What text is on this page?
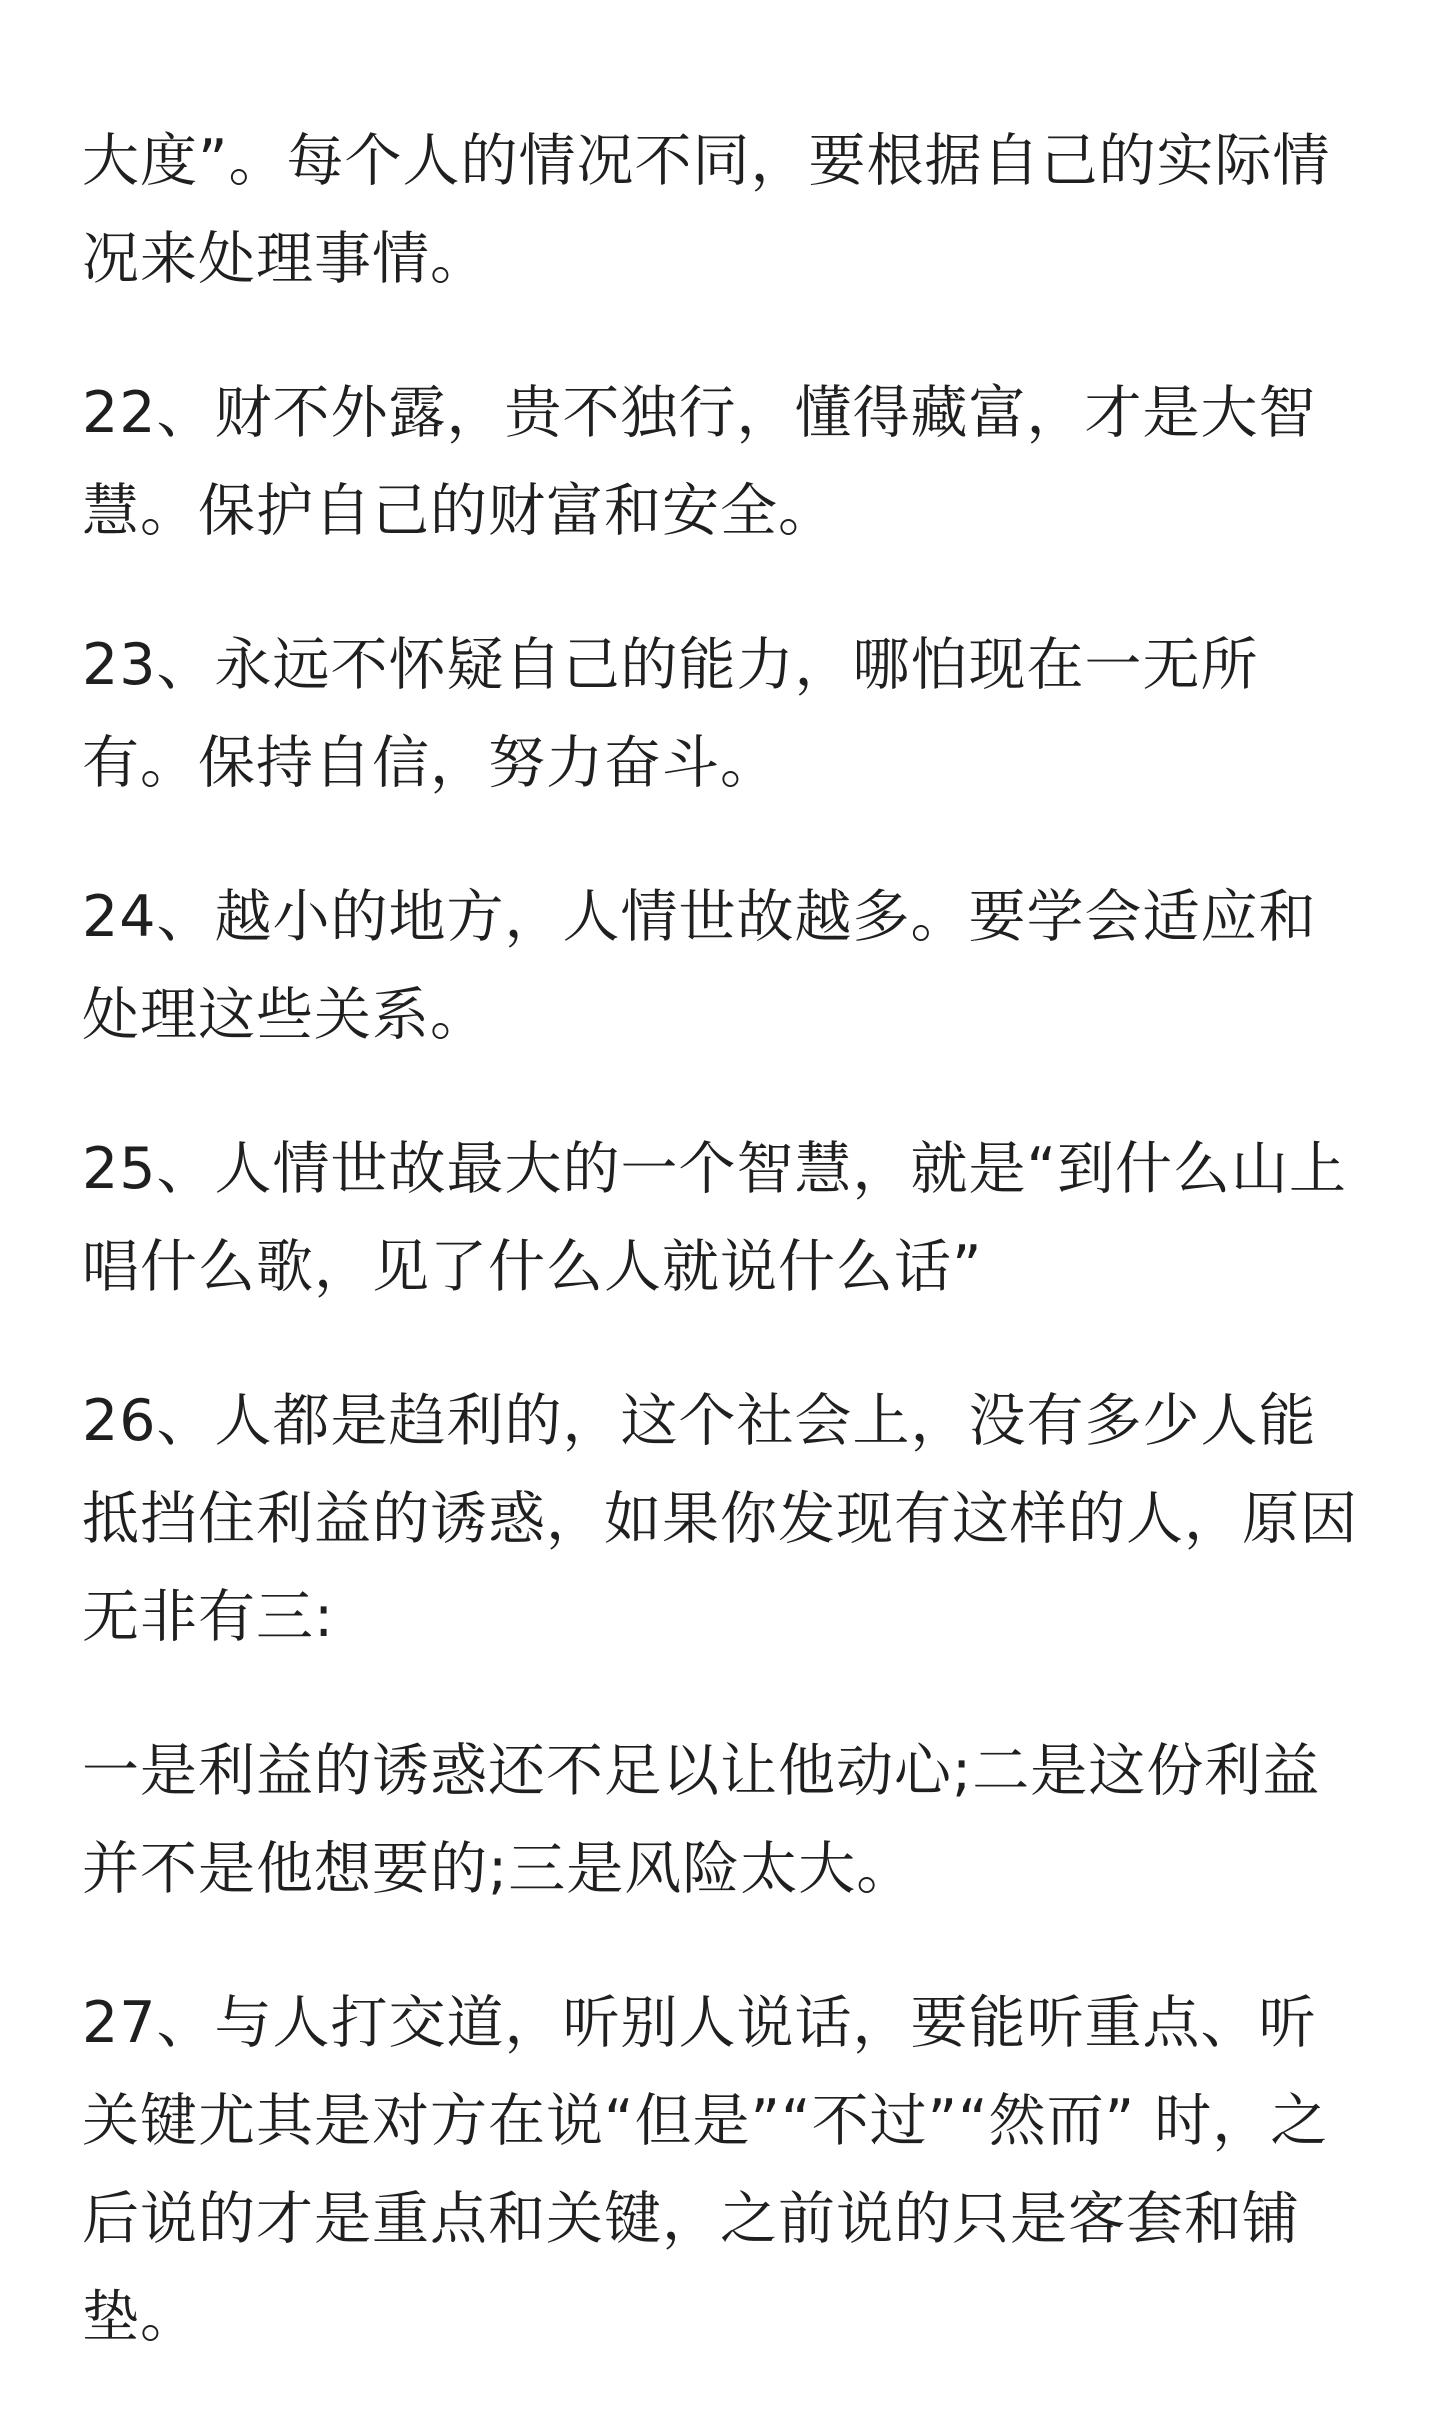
大度”。每个人的情况不同，要根据自己的实际情况来处理事情。

22、财不外露，贵不独行，懂得藏富，才是大智慧。保护自己的财富和安全。

23、永远不怀疑自己的能力，哪怕现在一无所有。保持自信，努力奋斗。

24、越小的地方，人情世故越多。要学会适应和处理这些关系。

25、人情世故最大的一个智慧，就是“到什么山上唱什么歌，见了什么人就说什么话”

26、人都是趋利的，这个社会上，没有多少人能抵挡住利益的诱惑，如果你发现有这样的人，原因无非有三:

一是利益的诱惑还不足以让他动心;二是这份利益并不是他想要的;三是风险太大。

27、与人打交道，听别人说话，要能听重点、听关键尤其是对方在说“但是”“不过”“然而” 时，之后说的才是重点和关键，之前说的只是客套和铺垫。
